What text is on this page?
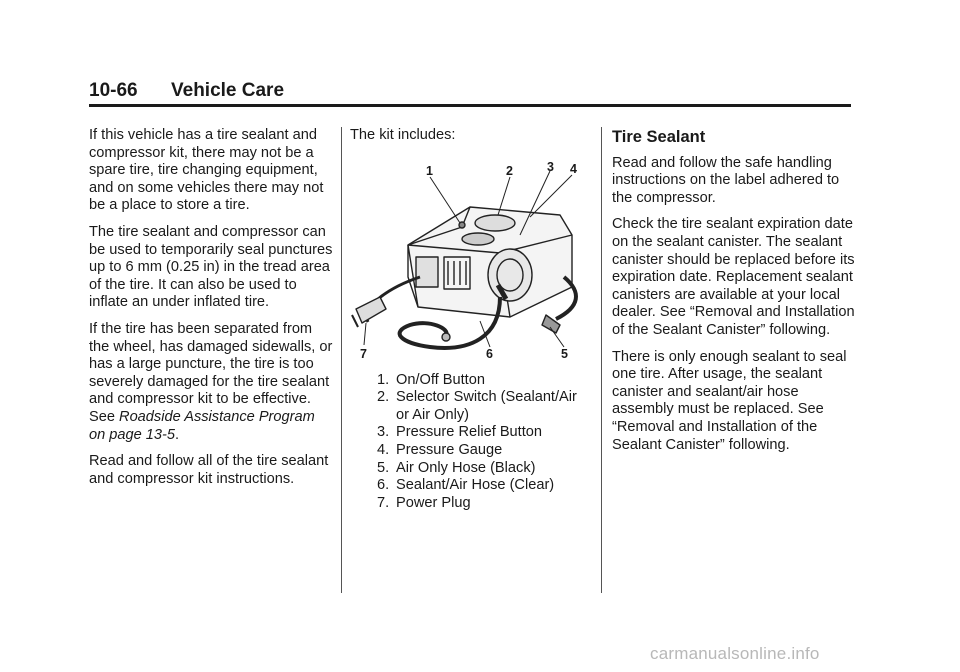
10-66 Vehicle Care

If this vehicle has a tire sealant and compressor kit, there may not be a spare tire, tire changing equipment, and on some vehicles there may not be a place to store a tire.

The tire sealant and compressor can be used to temporarily seal punctures up to 6 mm (0.25 in) in the tread area of the tire. It can also be used to inflate an under inflated tire.

If the tire has been separated from the wheel, has damaged sidewalls, or has a large puncture, the tire is too severely damaged for the tire sealant and compressor kit to be effective. See Roadside Assistance Program on page 13-5.

Read and follow all of the tire sealant and compressor kit instructions.

The kit includes:

1	2	3 4
5
6
7
1. On/Off Button
2. Selector Switch (Sealant/Air or Air Only)
3. Pressure Relief Button
4. Pressure Gauge
5. Air Only Hose (Black)
6. Sealant/Air Hose (Clear)
7. Power Plug
Tire Sealant

Read and follow the safe handling instructions on the label adhered to the compressor.

Check the tire sealant expiration date on the sealant canister. The sealant canister should be replaced before its expiration date. Replacement sealant canisters are available at your local dealer. See “Removal and Installation of the Sealant Canister” following.

There is only enough sealant to seal one tire. After usage, the sealant canister and sealant/air hose assembly must be replaced. See “Removal and Installation of the Sealant Canister” following.

carmanualsonline.info
